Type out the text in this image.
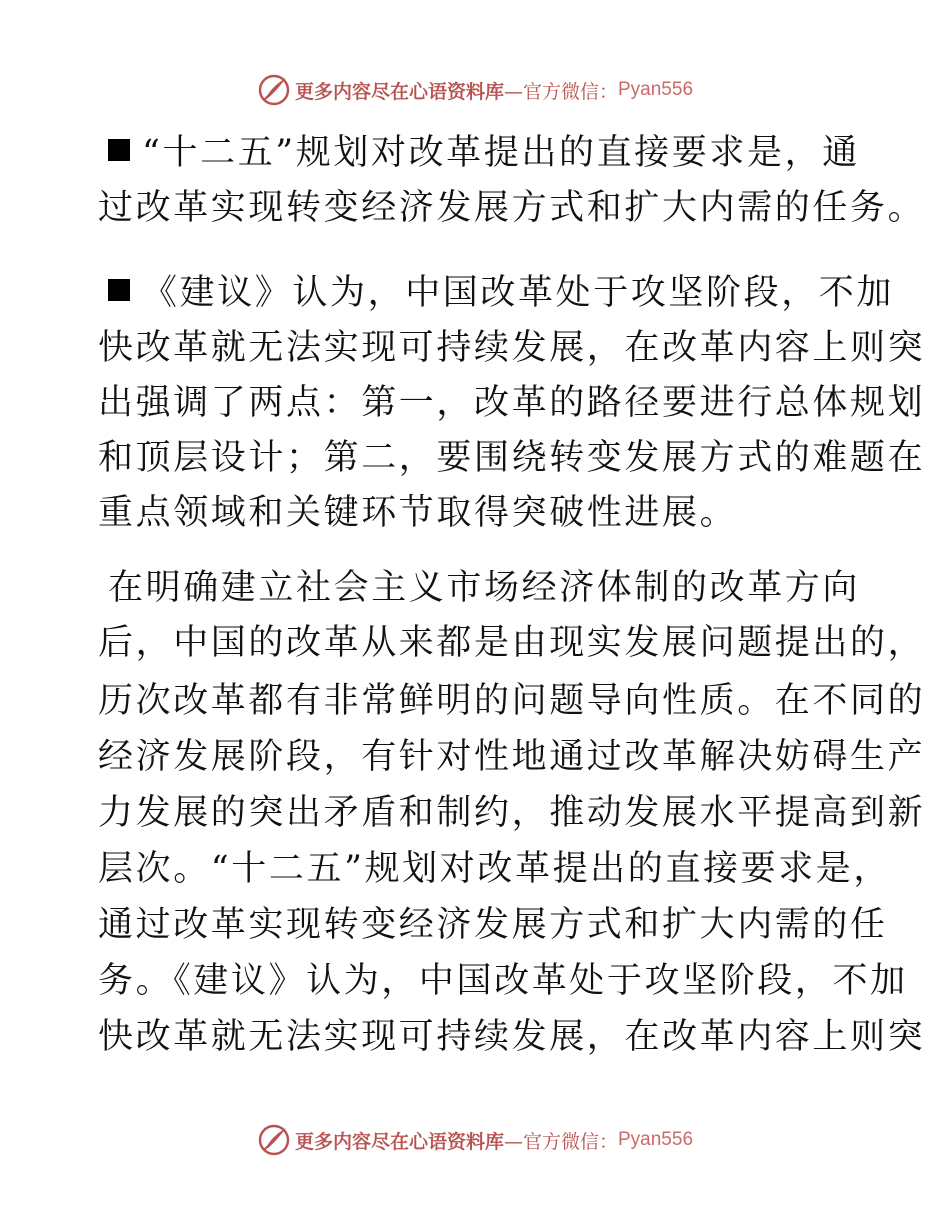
更多内容尽在心语资料库 —官方微信： Pyan556
“十二五”规划对改革提出的直接要求是，通
过改革实现转变经济发展方式和扩大内需的任务。
《建议》认为，中国改革处于攻坚阶段，不加
快改革就无法实现可持续发展，在改革内容上则突
出强调了两点：第一，改革的路径要进行总体规划
和顶层设计；第二，要围绕转变发展方式的难题在
重点领域和关键环节取得突破性进展。
在明确建立社会主义市场经济体制的改革方向
后，中国的改革从来都是由现实发展问题提出的，
历次改革都有非常鲜明的问题导向性质。在不同的
经济发展阶段，有针对性地通过改革解决妨碍生产
力发展的突出矛盾和制约，推动发展水平提高到新
层次。“十二五”规划对改革提出的直接要求是，
通过改革实现转变经济发展方式和扩大内需的任
务。《建议》认为，中国改革处于攻坚阶段，不加
快改革就无法实现可持续发展，在改革内容上则突
更多内容尽在心语资料库 —官方微信： Pyan556
